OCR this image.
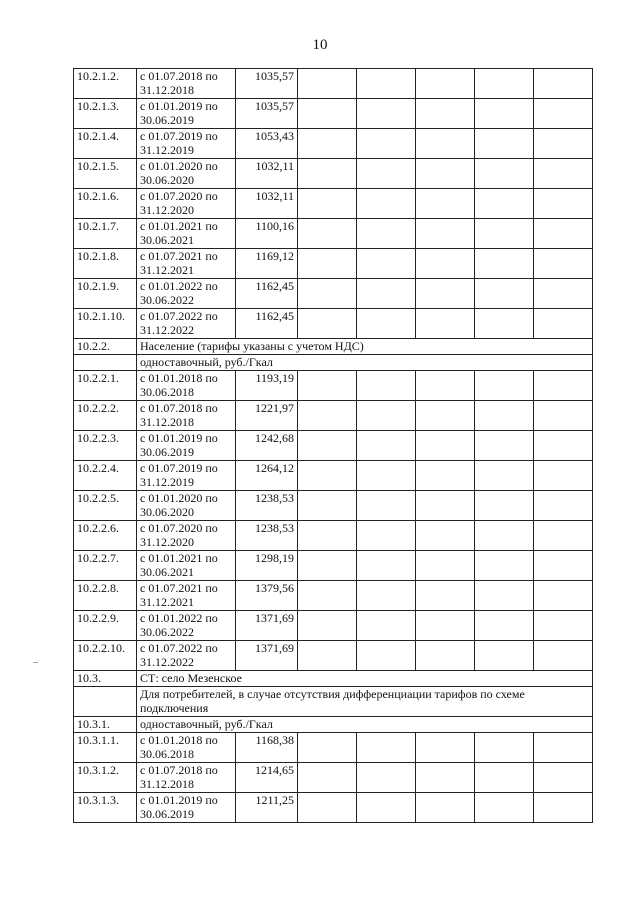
10
10.2.1.2.	с 01.07.2018 по 31.12.2018	1035,57					
10.2.1.3.	с 01.01.2019 по 30.06.2019	1035,57					
10.2.1.4.	с 01.07.2019 по 31.12.2019	1053,43					
10.2.1.5.	с 01.01.2020 по 30.06.2020	1032,11					
10.2.1.6.	с 01.07.2020 по 31.12.2020	1032,11					
10.2.1.7.	с 01.01.2021 по 30.06.2021	1100,16					
10.2.1.8.	с 01.07.2021 по 31.12.2021	1169,12					
10.2.1.9.	с 01.01.2022 по 30.06.2022	1162,45					
10.2.1.10.	с 01.07.2022 по 31.12.2022	1162,45					
10.2.2.	Население (тарифы указаны с учетом НДС)						
	одноставочный, руб./Гкал						
10.2.2.1.	с 01.01.2018 по 30.06.2018	1193,19					
10.2.2.2.	с 01.07.2018 по 31.12.2018	1221,97					
10.2.2.3.	с 01.01.2019 по 30.06.2019	1242,68					
10.2.2.4.	с 01.07.2019 по 31.12.2019	1264,12					
10.2.2.5.	с 01.01.2020 по 30.06.2020	1238,53					
10.2.2.6.	с 01.07.2020 по 31.12.2020	1238,53					
10.2.2.7.	с 01.01.2021 по 30.06.2021	1298,19					
10.2.2.8.	с 01.07.2021 по 31.12.2021	1379,56					
10.2.2.9.	с 01.01.2022 по 30.06.2022	1371,69					
10.2.2.10.	с 01.07.2022 по 31.12.2022	1371,69					
10.3.	СТ: село Мезенское						
	Для потребителей, в случае отсутствия дифференциации тарифов по схеме подключения						
10.3.1.	одноставочный, руб./Гкал						
10.3.1.1.	с 01.01.2018 по 30.06.2018	1168,38					
10.3.1.2.	с 01.07.2018 по 31.12.2018	1214,65					
10.3.1.3.	с 01.01.2019 по 30.06.2019	1211,25					
–
